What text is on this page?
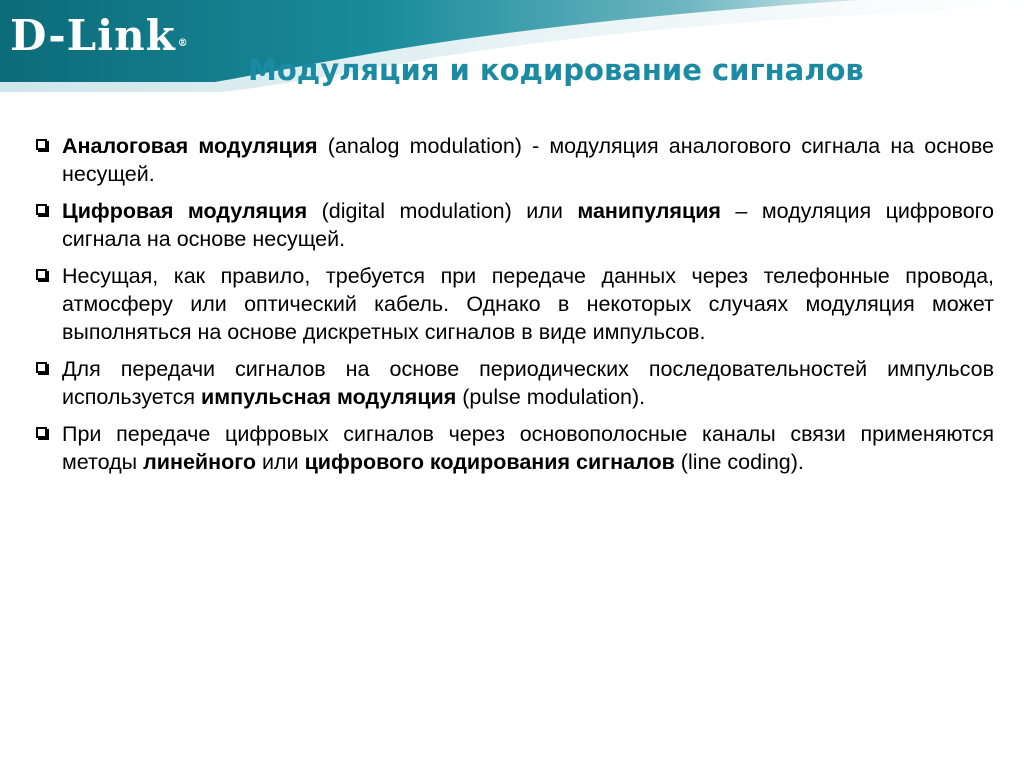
D-Link ®
Модуляция и кодирование сигналов
Аналоговая модуляция (analog modulation) - модуляция аналогового сигнала на основе несущей.
Цифровая модуляция (digital modulation) или манипуляция – модуляция цифрового сигнала на основе несущей.
Несущая, как правило, требуется при передаче данных через телефонные провода, атмосферу или оптический кабель. Однако в некоторых случаях модуляция может выполняться на основе дискретных сигналов в виде импульсов.
Для передачи сигналов на основе периодических последовательностей импульсов используется импульсная модуляция (pulse modulation).
При передаче цифровых сигналов через основополосные каналы связи применяются методы линейного или цифрового кодирования сигналов (line coding).
